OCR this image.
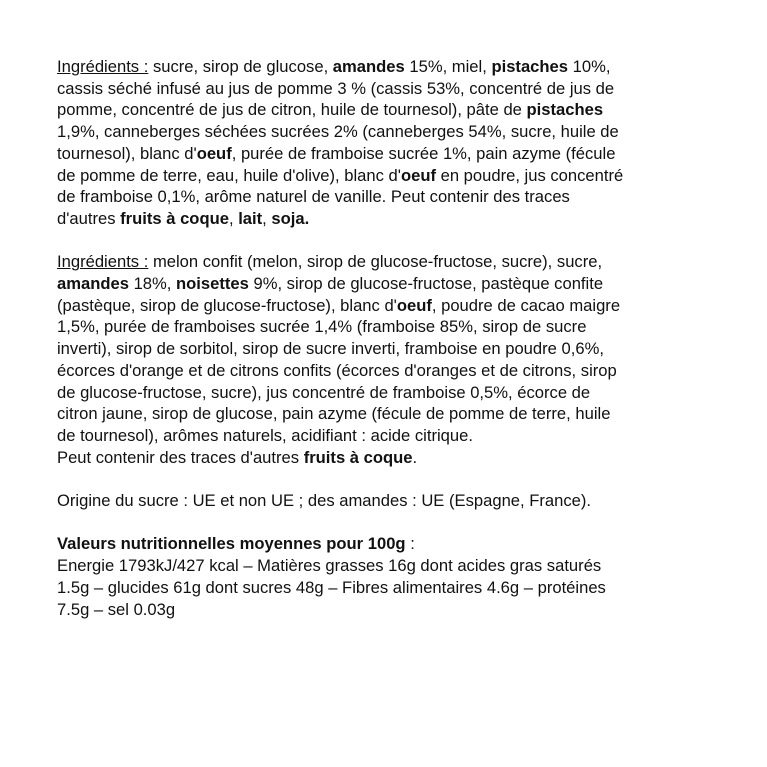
Ingrédients : sucre, sirop de glucose, amandes 15%, miel, pistaches 10%,
cassis séché infusé au jus de pomme 3 % (cassis 53%, concentré de jus de
pomme, concentré de jus de citron, huile de tournesol), pâte de pistaches
1,9%, canneberges séchées sucrées 2% (canneberges 54%, sucre, huile de
tournesol), blanc d'oeuf, purée de framboise sucrée 1%, pain azyme (fécule
de pomme de terre, eau, huile d'olive), blanc d'oeuf en poudre, jus concentré
de framboise 0,1%, arôme naturel de vanille. Peut contenir des traces
d'autres fruits à coque, lait, soja.
Ingrédients : melon confit (melon, sirop de glucose-fructose, sucre), sucre,
amandes 18%, noisettes 9%, sirop de glucose-fructose, pastèque confite
(pastèque, sirop de glucose-fructose), blanc d'oeuf, poudre de cacao maigre
1,5%, purée de framboises sucrée 1,4% (framboise 85%, sirop de sucre
inverti), sirop de sorbitol, sirop de sucre inverti, framboise en poudre 0,6%,
écorces d'orange et de citrons confits (écorces d'oranges et de citrons, sirop
de glucose-fructose, sucre), jus concentré de framboise 0,5%, écorce de
citron jaune, sirop de glucose, pain azyme (fécule de pomme de terre, huile
de tournesol), arômes naturels, acidifiant : acide citrique.
Peut contenir des traces d'autres fruits à coque.
Origine du sucre : UE et non UE ; des amandes : UE (Espagne, France).
Valeurs nutritionnelles moyennes pour 100g :
Energie 1793kJ/427 kcal – Matières grasses 16g dont acides gras saturés
1.5g – glucides 61g dont sucres 48g – Fibres alimentaires 4.6g – protéines
7.5g – sel 0.03g
